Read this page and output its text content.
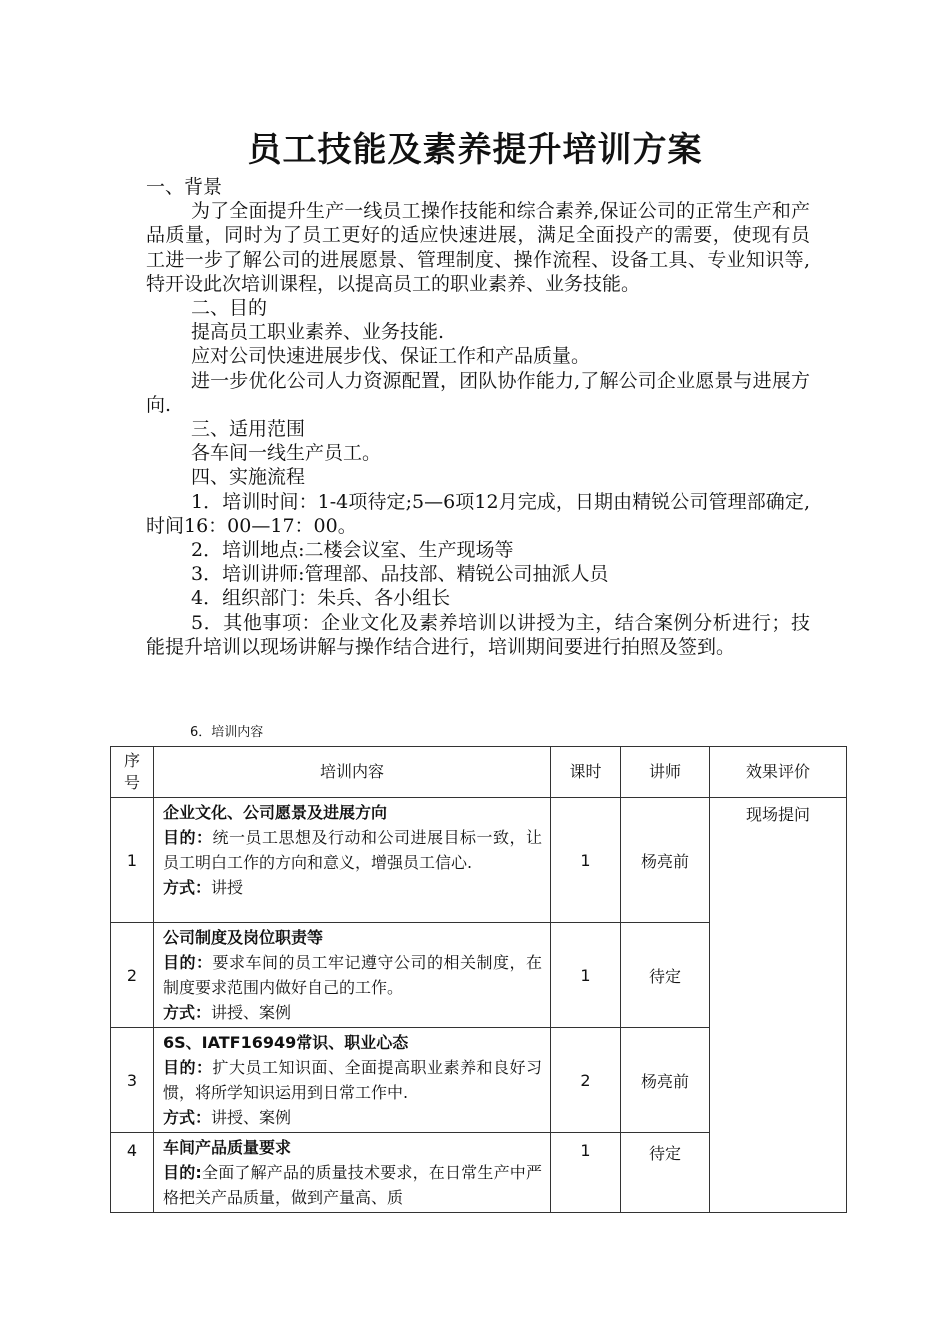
员工技能及素养提升培训方案

一、背景

为了全面提升生产一线员工操作技能和综合素养,保证公司的正常生产和产品质量，同时为了员工更好的适应快速进展，满足全面投产的需要，使现有员工进一步了解公司的进展愿景、管理制度、操作流程、设备工具、专业知识等,特开设此次培训课程，以提高员工的职业素养、业务技能。

二、目的

提高员工职业素养、业务技能.

应对公司快速进展步伐、保证工作和产品质量。

进一步优化公司人力资源配置，团队协作能力,了解公司企业愿景与进展方向.

三、适用范围

各车间一线生产员工。

四、实施流程

1．培训时间：1-4项待定;5—6项12月完成，日期由精锐公司管理部确定,时间16：00—17：00。

2．培训地点:二楼会议室、生产现场等

3．培训讲师:管理部、品技部、精锐公司抽派人员

4．组织部门：朱兵、各小组长

5．其他事项：企业文化及素养培训以讲授为主，结合案例分析进行；技能提升培训以现场讲解与操作结合进行，培训期间要进行拍照及签到。

6．培训内容
序号	培训内容	课时	讲师	效果评价
1	企业文化、公司愿景及进展方向
目的：统一员工思想及行动和公司进展目标一致，让员工明白工作的方向和意义，增强员工信心.
方式：讲授	1	杨亮前	现场提问
2	公司制度及岗位职责等
目的：要求车间的员工牢记遵守公司的相关制度，在制度要求范围内做好自己的工作。
方式：讲授、案例	1	待定	
3	6S、IATF16949常识、职业心态
目的：扩大员工知识面、全面提高职业素养和良好习惯，将所学知识运用到日常工作中.
方式：讲授、案例	2	杨亮前	
4	车间产品质量要求
目的:全面了解产品的质量技术要求，在日常生产中严格把关产品质量，做到产量高、质	1	待定	
